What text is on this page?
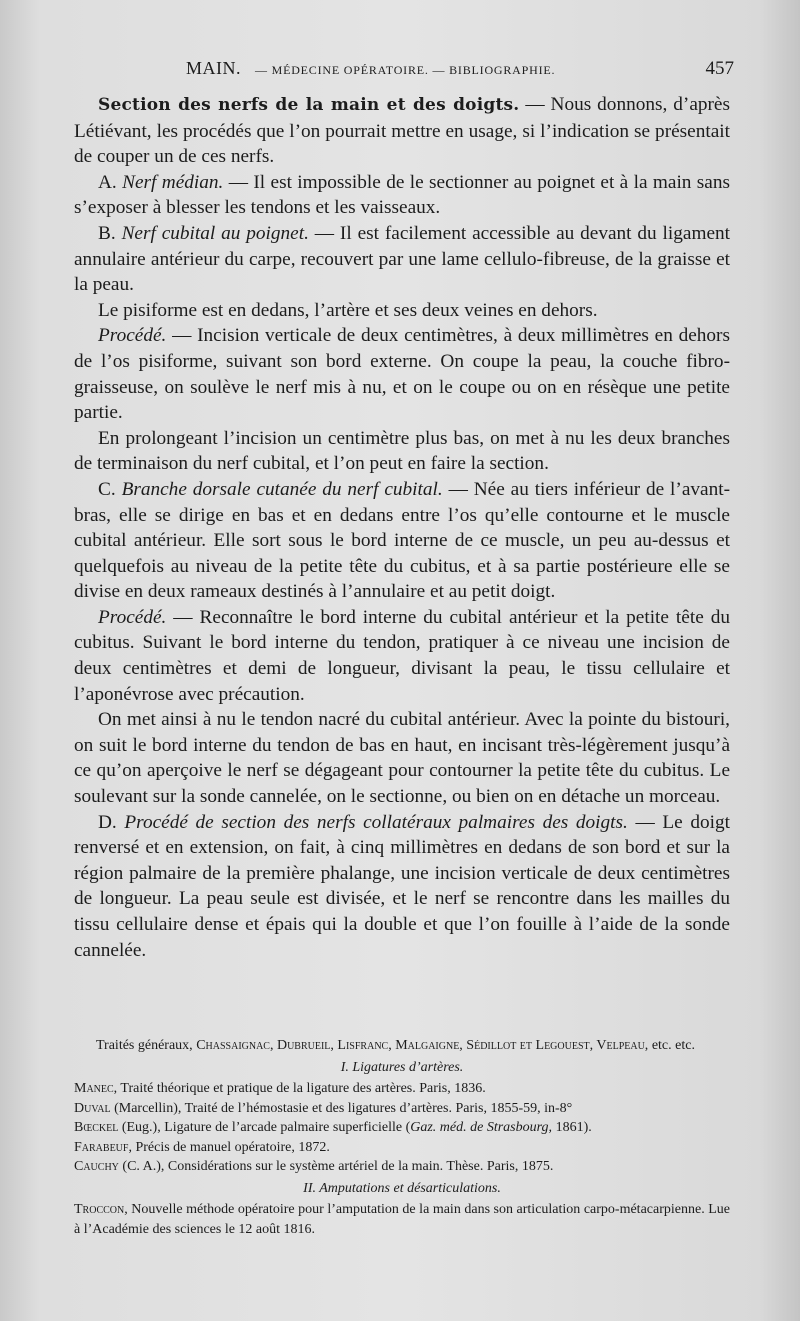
MAIN. — MÉDECINE OPÉRATOIRE. — BIBLIOGRAPHIE.	457

Section des nerfs de la main et des doigts. — Nous donnons, d’après Létiévant, les procédés que l’on pourrait mettre en usage, si l’indication se présentait de couper un de ces nerfs.

A. Nerf médian. — Il est impossible de le sectionner au poignet et à la main sans s’exposer à blesser les tendons et les vaisseaux.

B. Nerf cubital au poignet. — Il est facilement accessible au devant du ligament annulaire antérieur du carpe, recouvert par une lame cellulo-fibreuse, de la graisse et la peau.

Le pisiforme est en dedans, l’artère et ses deux veines en dehors.

Procédé. — Incision verticale de deux centimètres, à deux millimètres en dehors de l’os pisiforme, suivant son bord externe. On coupe la peau, la couche fibro-graisseuse, on soulève le nerf mis à nu, et on le coupe ou on en résèque une petite partie.

En prolongeant l’incision un centimètre plus bas, on met à nu les deux branches de terminaison du nerf cubital, et l’on peut en faire la section.

C. Branche dorsale cutanée du nerf cubital. — Née au tiers inférieur de l’avant-bras, elle se dirige en bas et en dedans entre l’os qu’elle contourne et le muscle cubital antérieur. Elle sort sous le bord interne de ce muscle, un peu au-dessus et quelquefois au niveau de la petite tête du cubitus, et à sa partie postérieure elle se divise en deux rameaux destinés à l’annulaire et au petit doigt.

Procédé. — Reconnaître le bord interne du cubital antérieur et la petite tête du cubitus. Suivant le bord interne du tendon, pratiquer à ce niveau une incision de deux centimètres et demi de longueur, divisant la peau, le tissu cellulaire et l’aponévrose avec précaution.

On met ainsi à nu le tendon nacré du cubital antérieur. Avec la pointe du bistouri, on suit le bord interne du tendon de bas en haut, en incisant très-légèrement jusqu’à ce qu’on aperçoive le nerf se dégageant pour contourner la petite tête du cubitus. Le soulevant sur la sonde cannelée, on le sectionne, ou bien on en détache un morceau.

D. Procédé de section des nerfs collatéraux palmaires des doigts. — Le doigt renversé et en extension, on fait, à cinq millimètres en dedans de son bord et sur la région palmaire de la première phalange, une incision verticale de deux centimètres de longueur. La peau seule est divisée, et le nerf se rencontre dans les mailles du tissu cellulaire dense et épais qui la double et que l’on fouille à l’aide de la sonde cannelée.

Traités généraux, Chassaignac, Dubrueil, Lisfranc, Malgaigne, Sédillot et Legouest, Velpeau, etc. etc.

I. Ligatures d’artères.

Manec, Traité théorique et pratique de la ligature des artères. Paris, 1836.

Duval (Marcellin), Traité de l’hémostasie et des ligatures d’artères. Paris, 1855-59, in-8°

Bœckel (Eug.), Ligature de l’arcade palmaire superficielle (Gaz. méd. de Strasbourg, 1861).

Farabeuf, Précis de manuel opératoire, 1872.

Cauchy (C. A.), Considérations sur le système artériel de la main. Thèse. Paris, 1875.

II. Amputations et désarticulations.

Troccon, Nouvelle méthode opératoire pour l’amputation de la main dans son articulation carpo-métacarpienne. Lue à l’Académie des sciences le 12 août 1816.
